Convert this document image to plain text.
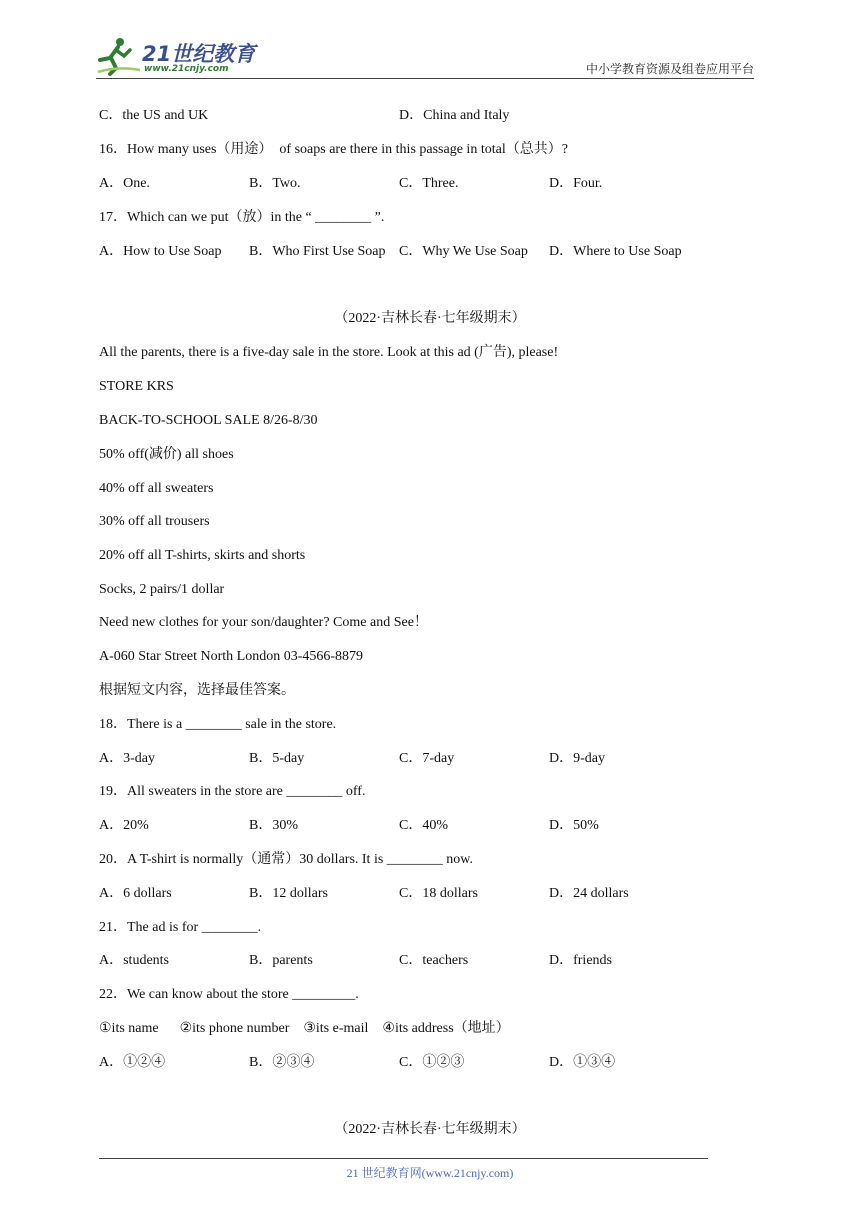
21世纪教育
www.21cnjy.com	中小学教育资源及组卷应用平台
C．the US and UK	D．China and Italy
16．How many uses（用途）  of soaps are there in this passage in total（总共）?
A．One.	B．Two.	C．Three.	D．Four.
17．Which can we put（放）in the “ ________ ”.
A．How to Use Soap B．Who First Use Soap C．Why We Use Soap D．Where to Use Soap
（2022·吉林长春·七年级期末）
All the parents, there is a five-day sale in the store. Look at this ad (广告), please!
STORE KRS
BACK-TO-SCHOOL SALE 8/26-8/30
50% off(减价) all shoes
40% off all sweaters
30% off all trousers
20% off all T-shirts, skirts and shorts
Socks, 2 pairs/1 dollar
Need new clothes for your son/daughter? Come and See！
A-060 Star Street North London 03-4566-8879
根据短文内容，选择最佳答案。
18．There is a ________ sale in the store.
A．3-day	B．5-day	C．7-day	D．9-day
19．All sweaters in the store are ________ off.
A．20%	B．30%	C．40%	D．50%
20．A T-shirt is normally（通常）30 dollars. It is ________ now.
A．6 dollars	B．12 dollars	C．18 dollars	D．24 dollars
21．The ad is for ________.
A．students	B．parents	C．teachers	D．friends
22．We can know about the store _________.
①its name      ②its phone number    ③its e-mail    ④its address（地址）
A．①②④	B．②③④	C．①②③	D．①③④
（2022·吉林长春·七年级期末）
21 世纪教育网(www.21cnjy.com)
